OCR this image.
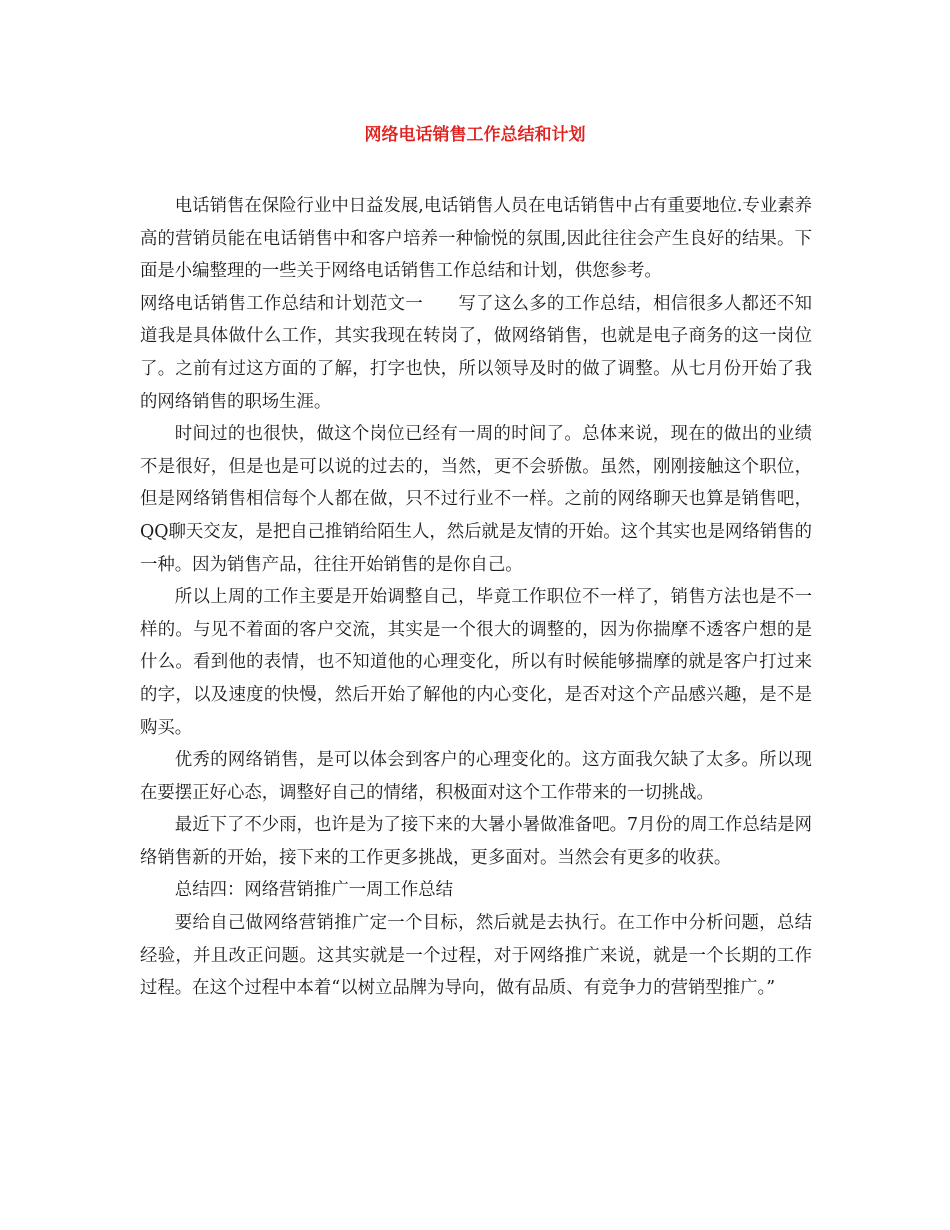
网络电话销售工作总结和计划

电话销售在保险行业中日益发展,电话销售人员在电话销售中占有重要地位.专业素养高的营销员能在电话销售中和客户培养一种愉悦的氛围,因此往往会产生良好的结果。下面是小编整理的一些关于网络电话销售工作总结和计划，供您参考。

网络电话销售工作总结和计划范文一　　写了这么多的工作总结，相信很多人都还不知道我是具体做什么工作，其实我现在转岗了，做网络销售，也就是电子商务的这一岗位了。之前有过这方面的了解，打字也快，所以领导及时的做了调整。从七月份开始了我的网络销售的职场生涯。

时间过的也很快，做这个岗位已经有一周的时间了。总体来说，现在的做出的业绩不是很好，但是也是可以说的过去的，当然，更不会骄傲。虽然，刚刚接触这个职位，但是网络销售相信每个人都在做，只不过行业不一样。之前的网络聊天也算是销售吧，QQ聊天交友，是把自己推销给陌生人，然后就是友情的开始。这个其实也是网络销售的一种。因为销售产品，往往开始销售的是你自己。

所以上周的工作主要是开始调整自己，毕竟工作职位不一样了，销售方法也是不一样的。与见不着面的客户交流，其实是一个很大的调整的，因为你揣摩不透客户想的是什么。看到他的表情，也不知道他的心理变化，所以有时候能够揣摩的就是客户打过来的字，以及速度的快慢，然后开始了解他的内心变化，是否对这个产品感兴趣，是不是购买。

优秀的网络销售，是可以体会到客户的心理变化的。这方面我欠缺了太多。所以现在要摆正好心态，调整好自己的情绪，积极面对这个工作带来的一切挑战。

最近下了不少雨，也许是为了接下来的大暑小暑做准备吧。7月份的周工作总结是网络销售新的开始，接下来的工作更多挑战，更多面对。当然会有更多的收获。

总结四：网络营销推广一周工作总结

要给自己做网络营销推广定一个目标，然后就是去执行。在工作中分析问题，总结经验，并且改正问题。这其实就是一个过程，对于网络推广来说，就是一个长期的工作过程。在这个过程中本着“以树立品牌为导向，做有品质、有竞争力的营销型推广。”
